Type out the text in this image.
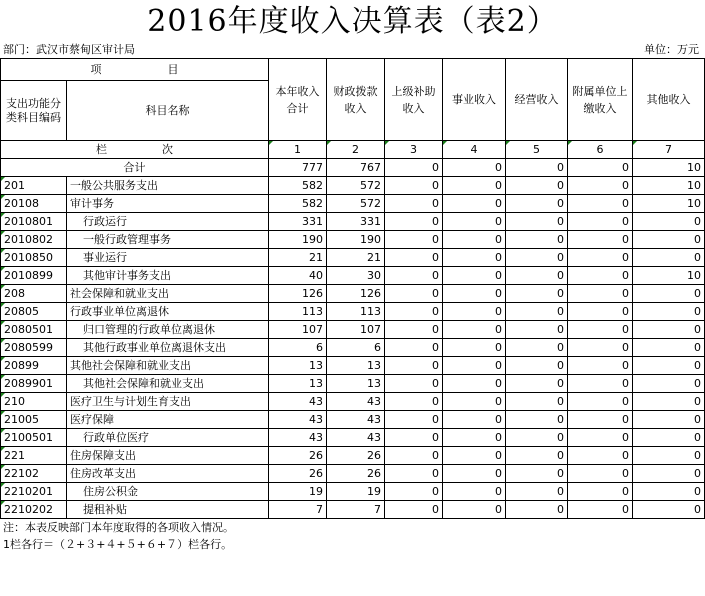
2016年度收入决算表（表2）
部门：武汉市蔡甸区审计局	单位：万元
项　　　　　　目		本年收入合计	财政拨款收入	上级补助收入	事业收入	经营收入	附属单位上缴收入	其他收入
支出功能分类科目编码	科目名称							
栏　　　　　次		1	2	3	4	5	6	7
合计		777	767	0	0	0	0	10
201	一般公共服务支出	582	572	0	0	0	0	10
20108	审计事务	582	572	0	0	0	0	10
2010801	行政运行	331	331	0	0	0	0	0
2010802	一般行政管理事务	190	190	0	0	0	0	0
2010850	事业运行	21	21	0	0	0	0	0
2010899	其他审计事务支出	40	30	0	0	0	0	10
208	社会保障和就业支出	126	126	0	0	0	0	0
20805	行政事业单位离退休	113	113	0	0	0	0	0
2080501	归口管理的行政单位离退休	107	107	0	0	0	0	0
2080599	其他行政事业单位离退休支出	6	6	0	0	0	0	0
20899	其他社会保障和就业支出	13	13	0	0	0	0	0
2089901	其他社会保障和就业支出	13	13	0	0	0	0	0
210	医疗卫生与计划生育支出	43	43	0	0	0	0	0
21005	医疗保障	43	43	0	0	0	0	0
2100501	行政单位医疗	43	43	0	0	0	0	0
221	住房保障支出	26	26	0	0	0	0	0
22102	住房改革支出	26	26	0	0	0	0	0
2210201	住房公积金	19	19	0	0	0	0	0
2210202	提租补贴	7	7	0	0	0	0	0
注：本表反映部门本年度取得的各项收入情况。
1栏各行＝（２+３+４+５+６+７）栏各行。
